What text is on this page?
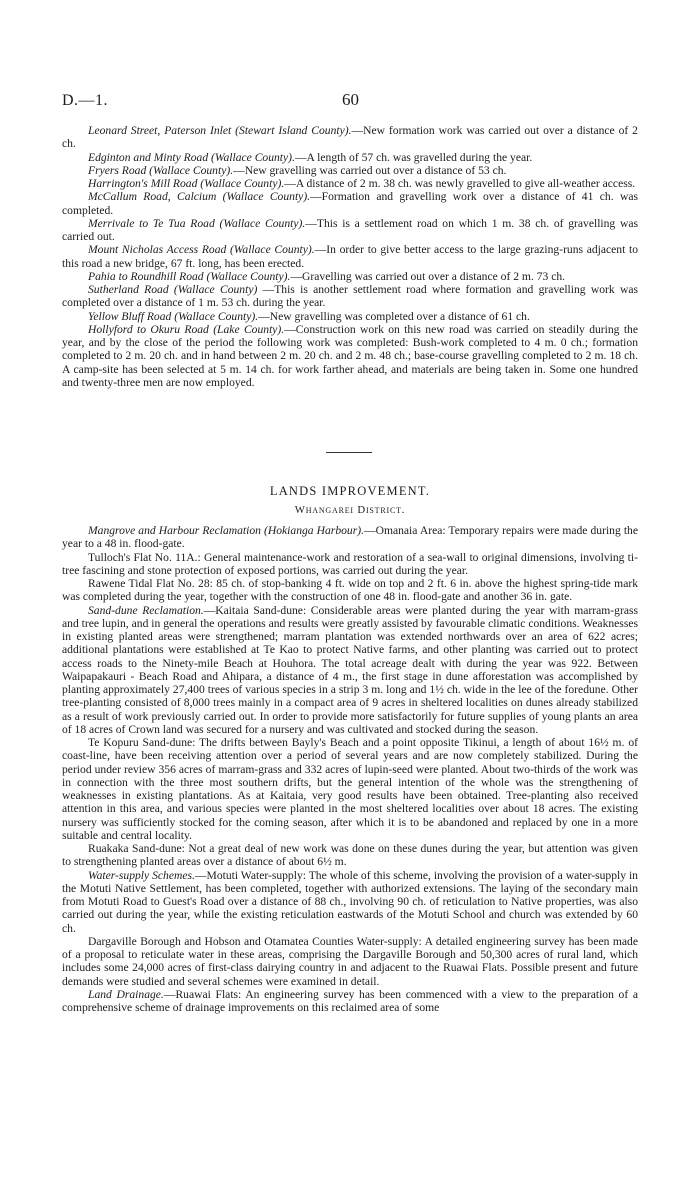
D.—1.	60

Leonard Street, Paterson Inlet (Stewart Island County).—New formation work was carried out over a distance of 2 ch.

Edginton and Minty Road (Wallace County).—A length of 57 ch. was gravelled during the year.

Fryers Road (Wallace County).—New gravelling was carried out over a distance of 53 ch.

Harrington's Mill Road (Wallace County).—A distance of 2 m. 38 ch. was newly gravelled to give all-weather access.

McCallum Road, Calcium (Wallace County).—Formation and gravelling work over a distance of 41 ch. was completed.

Merrivale to Te Tua Road (Wallace County).—This is a settlement road on which 1 m. 38 ch. of gravelling was carried out.

Mount Nicholas Access Road (Wallace County).—In order to give better access to the large grazing-runs adjacent to this road a new bridge, 67 ft. long, has been erected.

Pahia to Roundhill Road (Wallace County).—Gravelling was carried out over a distance of 2 m. 73 ch.

Sutherland Road (Wallace County) —This is another settlement road where formation and gravelling work was completed over a distance of 1 m. 53 ch. during the year.

Yellow Bluff Road (Wallace County).—New gravelling was completed over a distance of 61 ch.

Hollyford to Okuru Road (Lake County).—Construction work on this new road was carried on steadily during the year, and by the close of the period the following work was completed: Bush-work completed to 4 m. 0 ch.; formation completed to 2 m. 20 ch. and in hand between 2 m. 20 ch. and 2 m. 48 ch.; base-course gravelling completed to 2 m. 18 ch. A camp-site has been selected at 5 m. 14 ch. for work farther ahead, and materials are being taken in. Some one hundred and twenty-three men are now employed.

LANDS IMPROVEMENT.
Whangarei District.

Mangrove and Harbour Reclamation (Hokianga Harbour).—Omanaia Area: Temporary repairs were made during the year to a 48 in. flood-gate.

Tulloch's Flat No. 11A.: General maintenance-work and restoration of a sea-wall to original dimensions, involving ti-tree fascining and stone protection of exposed portions, was carried out during the year.

Rawene Tidal Flat No. 28: 85 ch. of stop-banking 4 ft. wide on top and 2 ft. 6 in. above the highest spring-tide mark was completed during the year, together with the construction of one 48 in. flood-gate and another 36 in. gate.

Sand-dune Reclamation.—Kaitaia Sand-dune: Considerable areas were planted during the year with marram-grass and tree lupin, and in general the operations and results were greatly assisted by favourable climatic conditions. Weaknesses in existing planted areas were strengthened; marram plantation was extended northwards over an area of 622 acres; additional plantations were established at Te Kao to protect Native farms, and other planting was carried out to protect access roads to the Ninety-mile Beach at Houhora. The total acreage dealt with during the year was 922. Between Waipapakauri - Beach Road and Ahipara, a distance of 4 m., the first stage in dune afforestation was accomplished by planting approximately 27,400 trees of various species in a strip 3 m. long and 1½ ch. wide in the lee of the foredune. Other tree-planting consisted of 8,000 trees mainly in a compact area of 9 acres in sheltered localities on dunes already stabilized as a result of work previously carried out. In order to provide more satisfactorily for future supplies of young plants an area of 18 acres of Crown land was secured for a nursery and was cultivated and stocked during the season.

Te Kopuru Sand-dune: The drifts between Bayly's Beach and a point opposite Tikinui, a length of about 16½ m. of coast-line, have been receiving attention over a period of several years and are now completely stabilized. During the period under review 356 acres of marram-grass and 332 acres of lupin-seed were planted. About two-thirds of the work was in connection with the three most southern drifts, but the general intention of the whole was the strengthening of weaknesses in existing plantations. As at Kaitaia, very good results have been obtained. Tree-planting also received attention in this area, and various species were planted in the most sheltered localities over about 18 acres. The existing nursery was sufficiently stocked for the coming season, after which it is to be abandoned and replaced by one in a more suitable and central locality.

Ruakaka Sand-dune: Not a great deal of new work was done on these dunes during the year, but attention was given to strengthening planted areas over a distance of about 6½ m.

Water-supply Schemes.—Motuti Water-supply: The whole of this scheme, involving the provision of a water-supply in the Motuti Native Settlement, has been completed, together with authorized extensions. The laying of the secondary main from Motuti Road to Guest's Road over a distance of 88 ch., involving 90 ch. of reticulation to Native properties, was also carried out during the year, while the existing reticulation eastwards of the Motuti School and church was extended by 60 ch.

Dargaville Borough and Hobson and Otamatea Counties Water-supply: A detailed engineering survey has been made of a proposal to reticulate water in these areas, comprising the Dargaville Borough and 50,300 acres of rural land, which includes some 24,000 acres of first-class dairying country in and adjacent to the Ruawai Flats. Possible present and future demands were studied and several schemes were examined in detail.

Land Drainage.—Ruawai Flats: An engineering survey has been commenced with a view to the preparation of a comprehensive scheme of drainage improvements on this reclaimed area of some
